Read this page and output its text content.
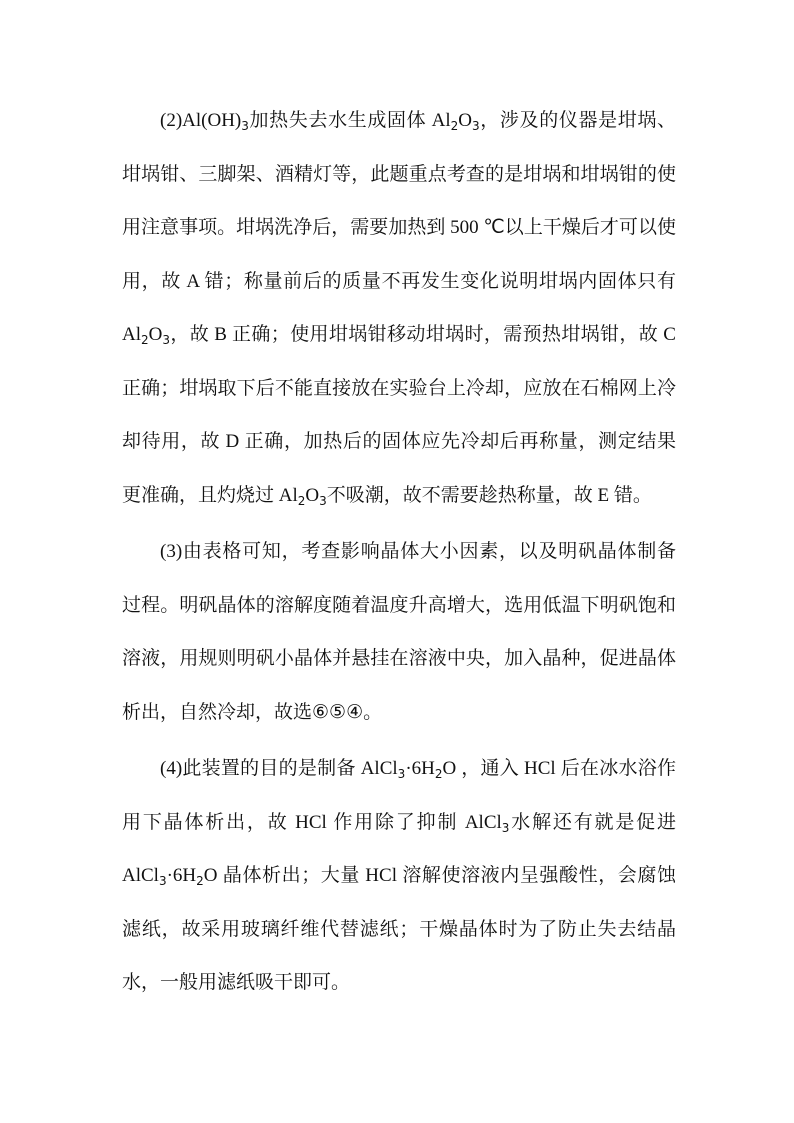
$(2)Al(OH)_3$加热失去水生成固体 $Al_2O_3$，涉及的仪器是坩埚、坩埚钳、三脚架、酒精灯等，此题重点考查的是坩埚和坩埚钳的使用注意事项。坩埚洗净后，需要加热到 500 ℃以上干燥后才可以使用，故 A 错；称量前后的质量不再发生变化说明坩埚内固体只有 $Al_2O_3$，故 B 正确；使用坩埚钳移动坩埚时，需预热坩埚钳，故 C 正确；坩埚取下后不能直接放在实验台上冷却，应放在石棉网上冷却待用，故 D 正确，加热后的固体应先冷却后再称量，测定结果更准确，且灼烧过 $Al_2O_3$不吸潮，故不需要趁热称量，故 E 错。

(3)由表格可知，考查影响晶体大小因素，以及明矾晶体制备过程。明矾晶体的溶解度随着温度升高增大，选用低温下明矾饱和溶液，用规则明矾小晶体并悬挂在溶液中央，加入晶种，促进晶体析出，自然冷却，故选⑥⑤④。

(4)此装置的目的是制备 $AlCl_3\cdot 6H_2O$ ，通入 HCl 后在冰水浴作用下晶体析出，故 HCl 作用除了抑制 AlCl$_3$水解还有就是促进 $AlCl_3\cdot 6H_2O$ 晶体析出；大量 HCl 溶解使溶液内呈强酸性，会腐蚀滤纸，故采用玻璃纤维代替滤纸；干燥晶体时为了防止失去结晶水，一般用滤纸吸干即可。
